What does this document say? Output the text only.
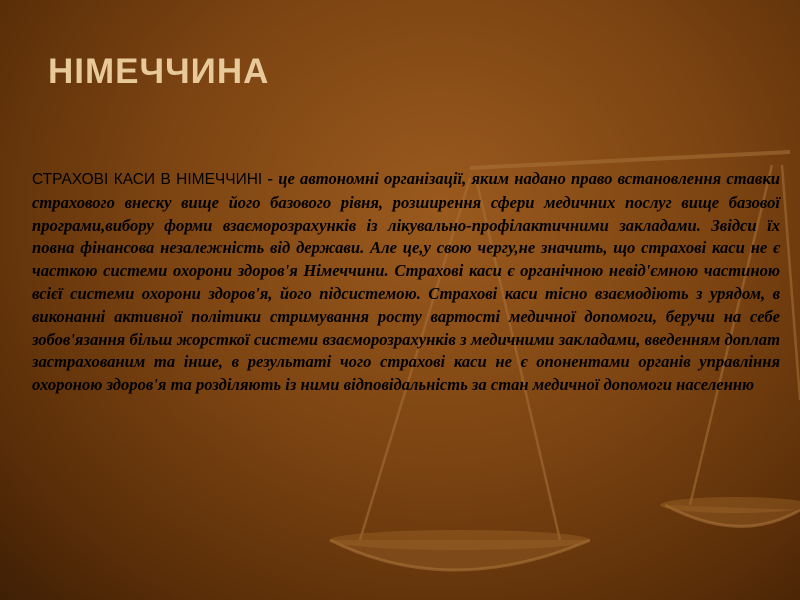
НІМЕЧЧИНА
СТРАХОВІ КАСИ В НІМЕЧЧИНІ - це автономні організації, яким надано право встановлення ставки страхового внеску вище його базового рівня, розширення сфери медичних послуг вище базової програми,вибору форми взаєморозрахунків із лікувально-профілактичними закладами. Звідси їх повна фінансова незалежність від держави. Але це,у свою чергу,не значить, що страхові каси не є часткою системи охорони здоров'я Німеччини. Страхові каси є органічною невід'ємною частиною всієї системи охорони здоров'я, його підсистемою. Страхові каси тісно взаємодіють з урядом, в виконанні активної політики стримування росту вартості медичної допомоги, беручи на себе зобов'язання більш жорсткої системи взаєморозрахунків з медичними закладами, введенням доплат застрахованим та інше, в результаті чого страхові каси не є опонентами органів управління охороною здоров'я та розділяють із ними відповідальність за стан медичної допомоги населенню
